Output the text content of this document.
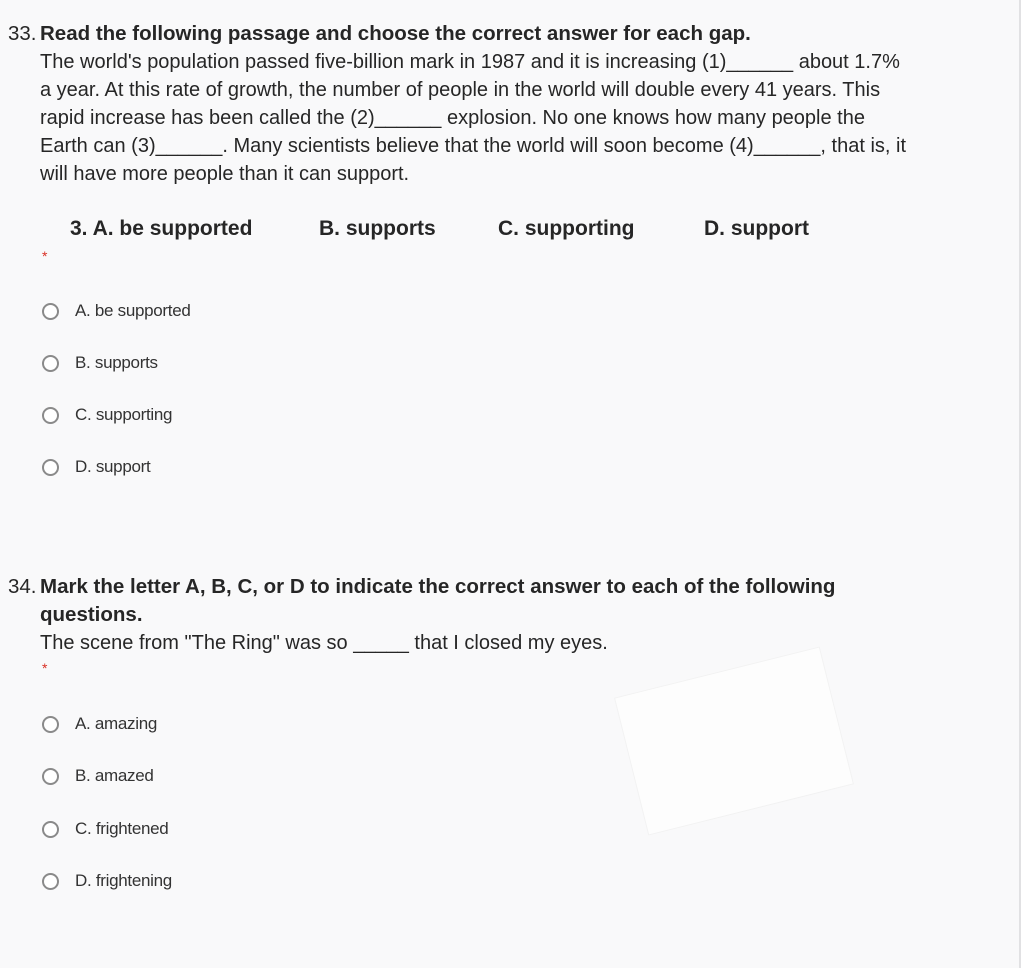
33. Read the following passage and choose the correct answer for each gap.
The world's population passed five-billion mark in 1987 and it is increasing (1)______ about 1.7%
a year. At this rate of growth, the number of people in the world will double every 41 years. This
rapid increase has been called the (2)______ explosion. No one knows how many people the
Earth can (3)______. Many scientists believe that the world will soon become (4)______, that is, it
will have more people than it can support.
3. A. be supported	B. supports	C. supporting	D. support
*
A. be supported
B. supports
C. supporting
D. support
34. Mark the letter A, B, C, or D to indicate the correct answer to each of the following
questions.
The scene from "The Ring" was so _____ that I closed my eyes.
*
A. amazing
B. amazed
C. frightened
D. frightening
